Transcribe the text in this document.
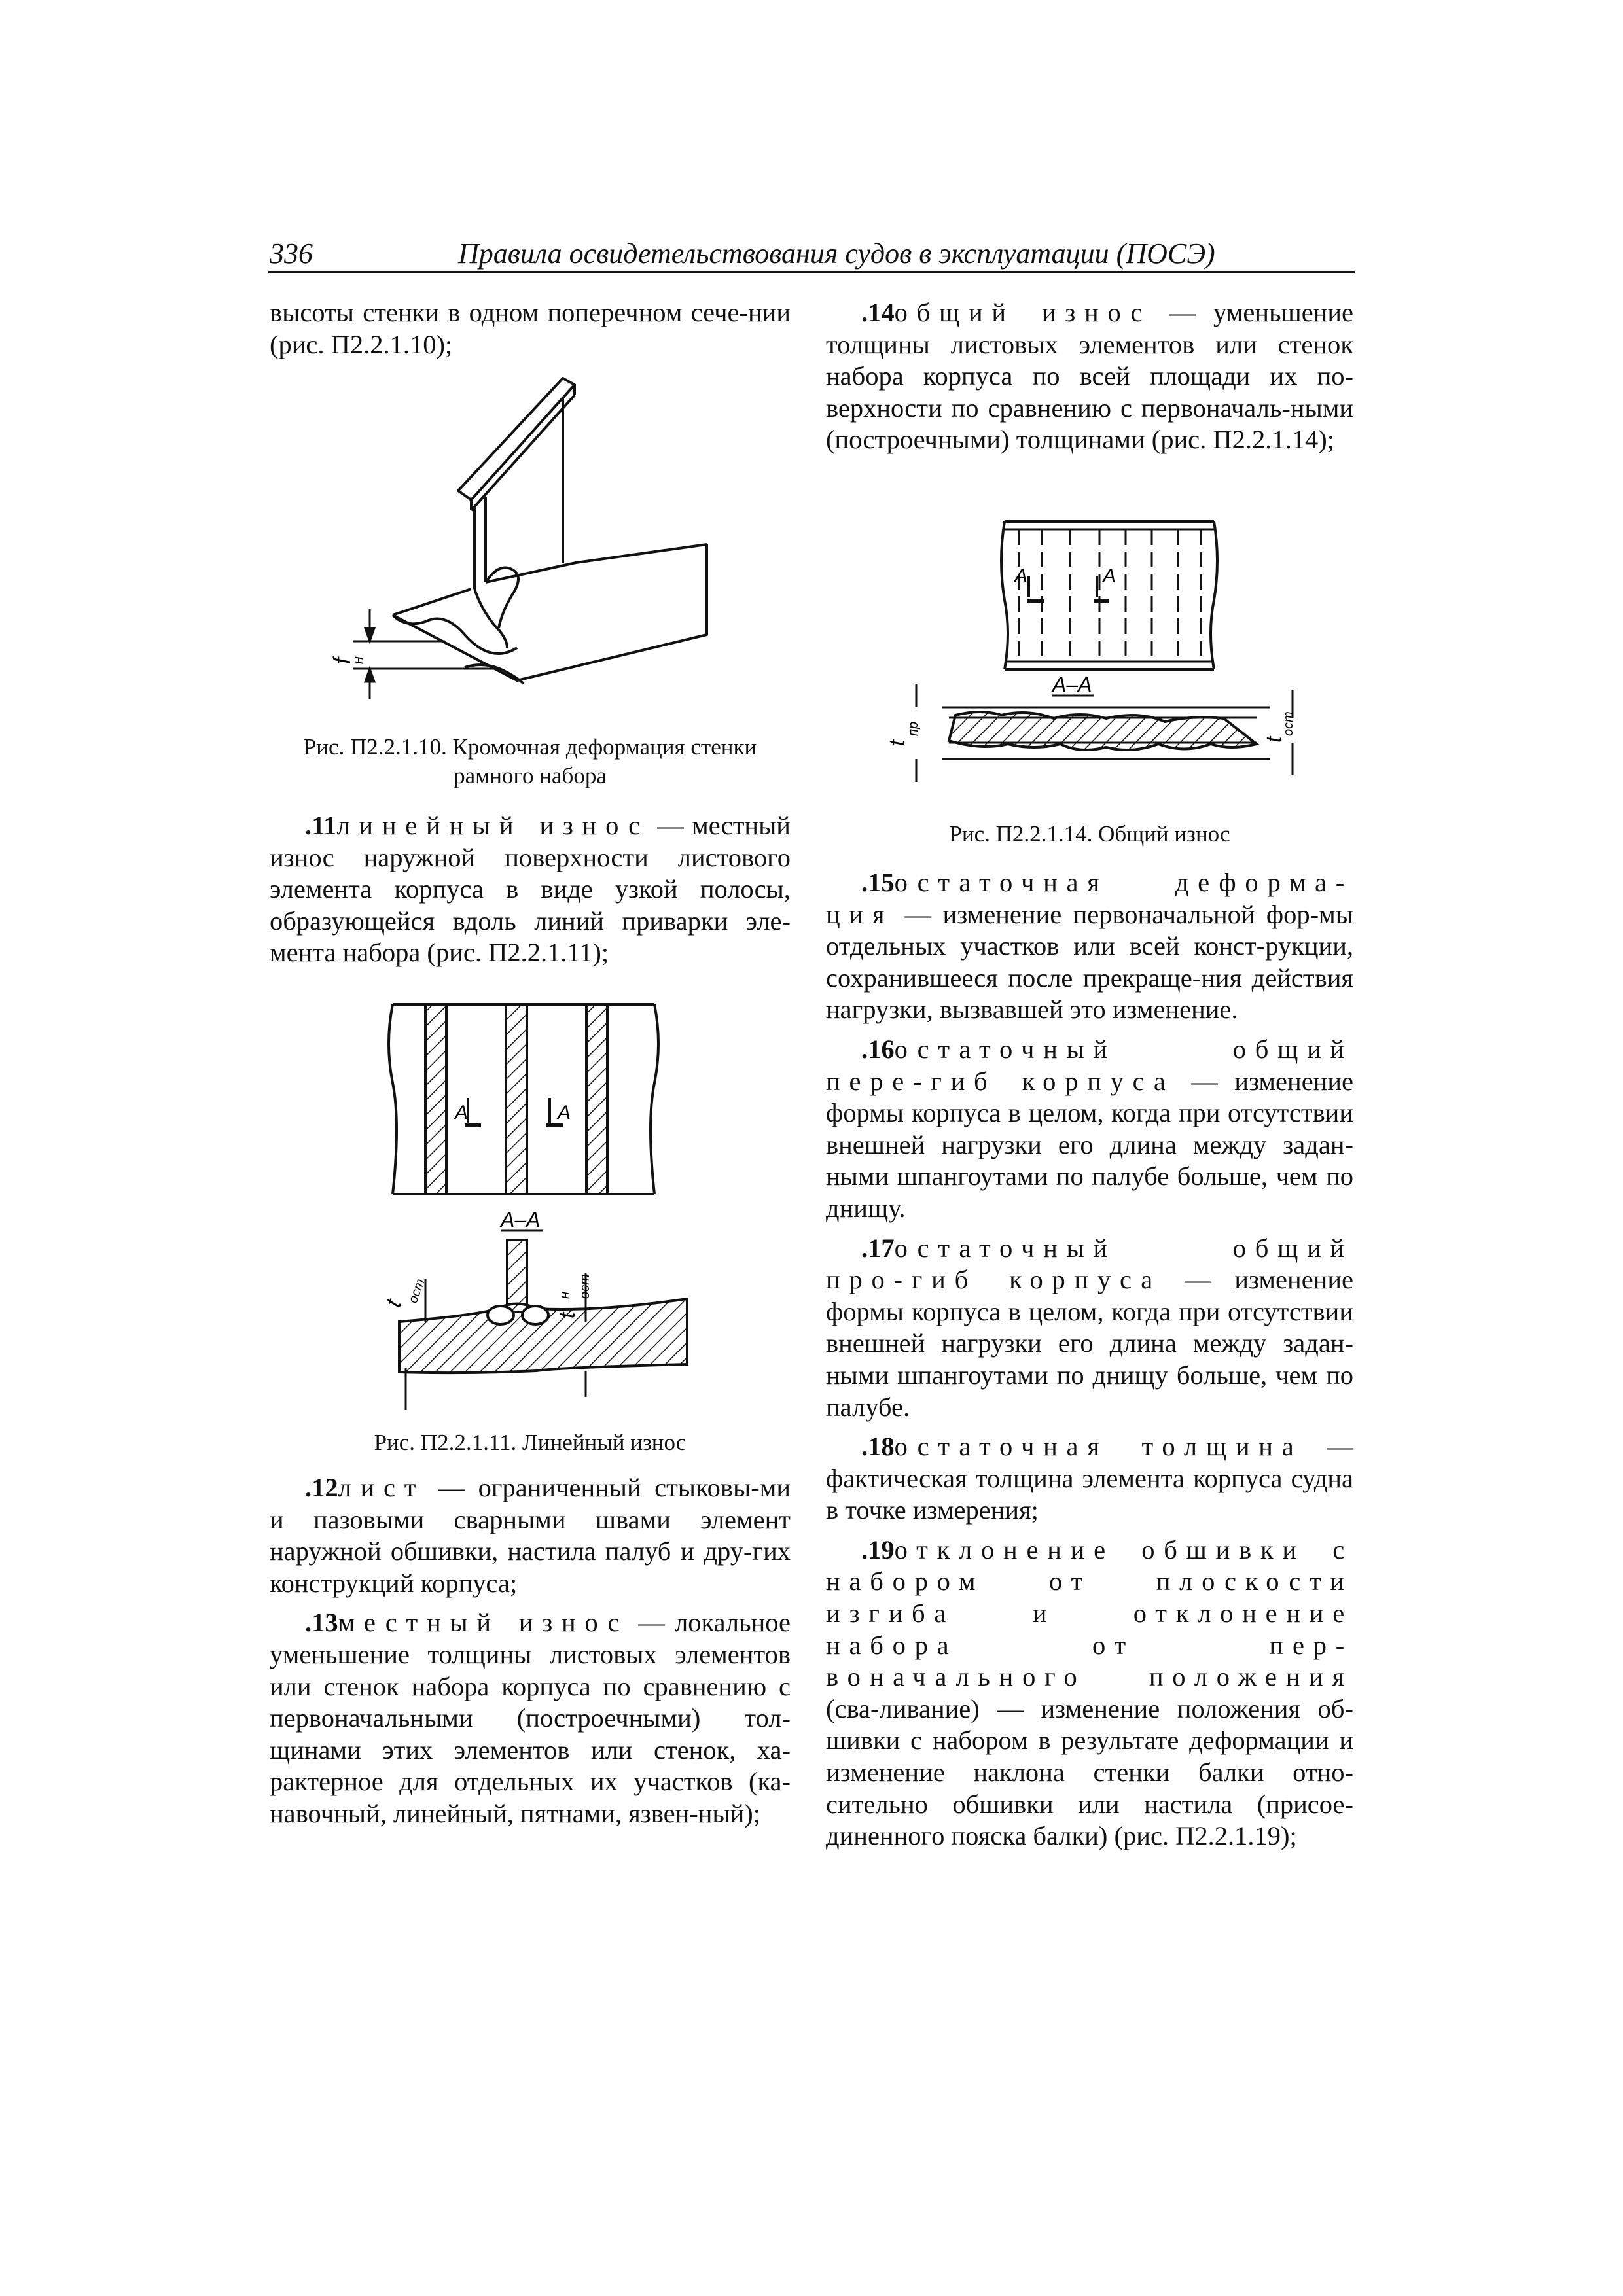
336	Правила освидетельствования судов в эксплуатации (ПОСЭ)

высоты стенки в одном поперечном сече-нии (рис. П2.2.1.10);

f
н
Рис. П2.2.1.10. Кромочная деформация стенки
рамного набора

.11линейный износ — местный износ наружной поверхности листового элемента корпуса в виде узкой полосы, образующейся вдоль линий приварки эле-мента набора (рис. П2.2.1.11);

A	A
A–A
t ост
t
н ост
Рис. П2.2.1.11. Линейный износ

.12лист — ограниченный стыковы-ми и пазовыми сварными швами элемент наружной обшивки, настила палуб и дру-гих конструкций корпуса;

.13местный износ — локальное уменьшение толщины листовых элементов или стенок набора корпуса по сравнению с первоначальными (построечными) тол-щинами этих элементов или стенок, ха-рактерное для отдельных их участков (ка-навочный, линейный, пятнами, язвен-ный);

.14общий износ — уменьшение толщины листовых элементов или стенок набора корпуса по всей площади их по-верхности по сравнению с первоначаль-ными (построечными) толщинами (рис. П2.2.1.14);

A	A
A–A
t
пр
t
ост
Рис. П2.2.1.14. Общий износ

.15остаточная деформа-ция — изменение первоначальной фор-мы отдельных участков или всей конст-рукции, сохранившееся после прекраще-ния действия нагрузки, вызвавшей это изменение.

.16остаточный общий пере-гиб корпуса — изменение формы корпуса в целом, когда при отсутствии внешней нагрузки его длина между задан-ными шпангоутами по палубе больше, чем по днищу.

.17остаточный общий про-гиб корпуса — изменение формы корпуса в целом, когда при отсутствии внешней нагрузки его длина между задан-ными шпангоутами по днищу больше, чем по палубе.

.18остаточная толщина — фактическая толщина элемента корпуса судна в точке измерения;

.19отклонение обшивки с набором от плоскости изгиба и отклонение набора от пер-воначального положения (сва-ливание) — изменение положения об-шивки с набором в результате деформации и изменение наклона стенки балки отно-сительно обшивки или настила (присое-диненного пояска балки) (рис. П2.2.1.19);
